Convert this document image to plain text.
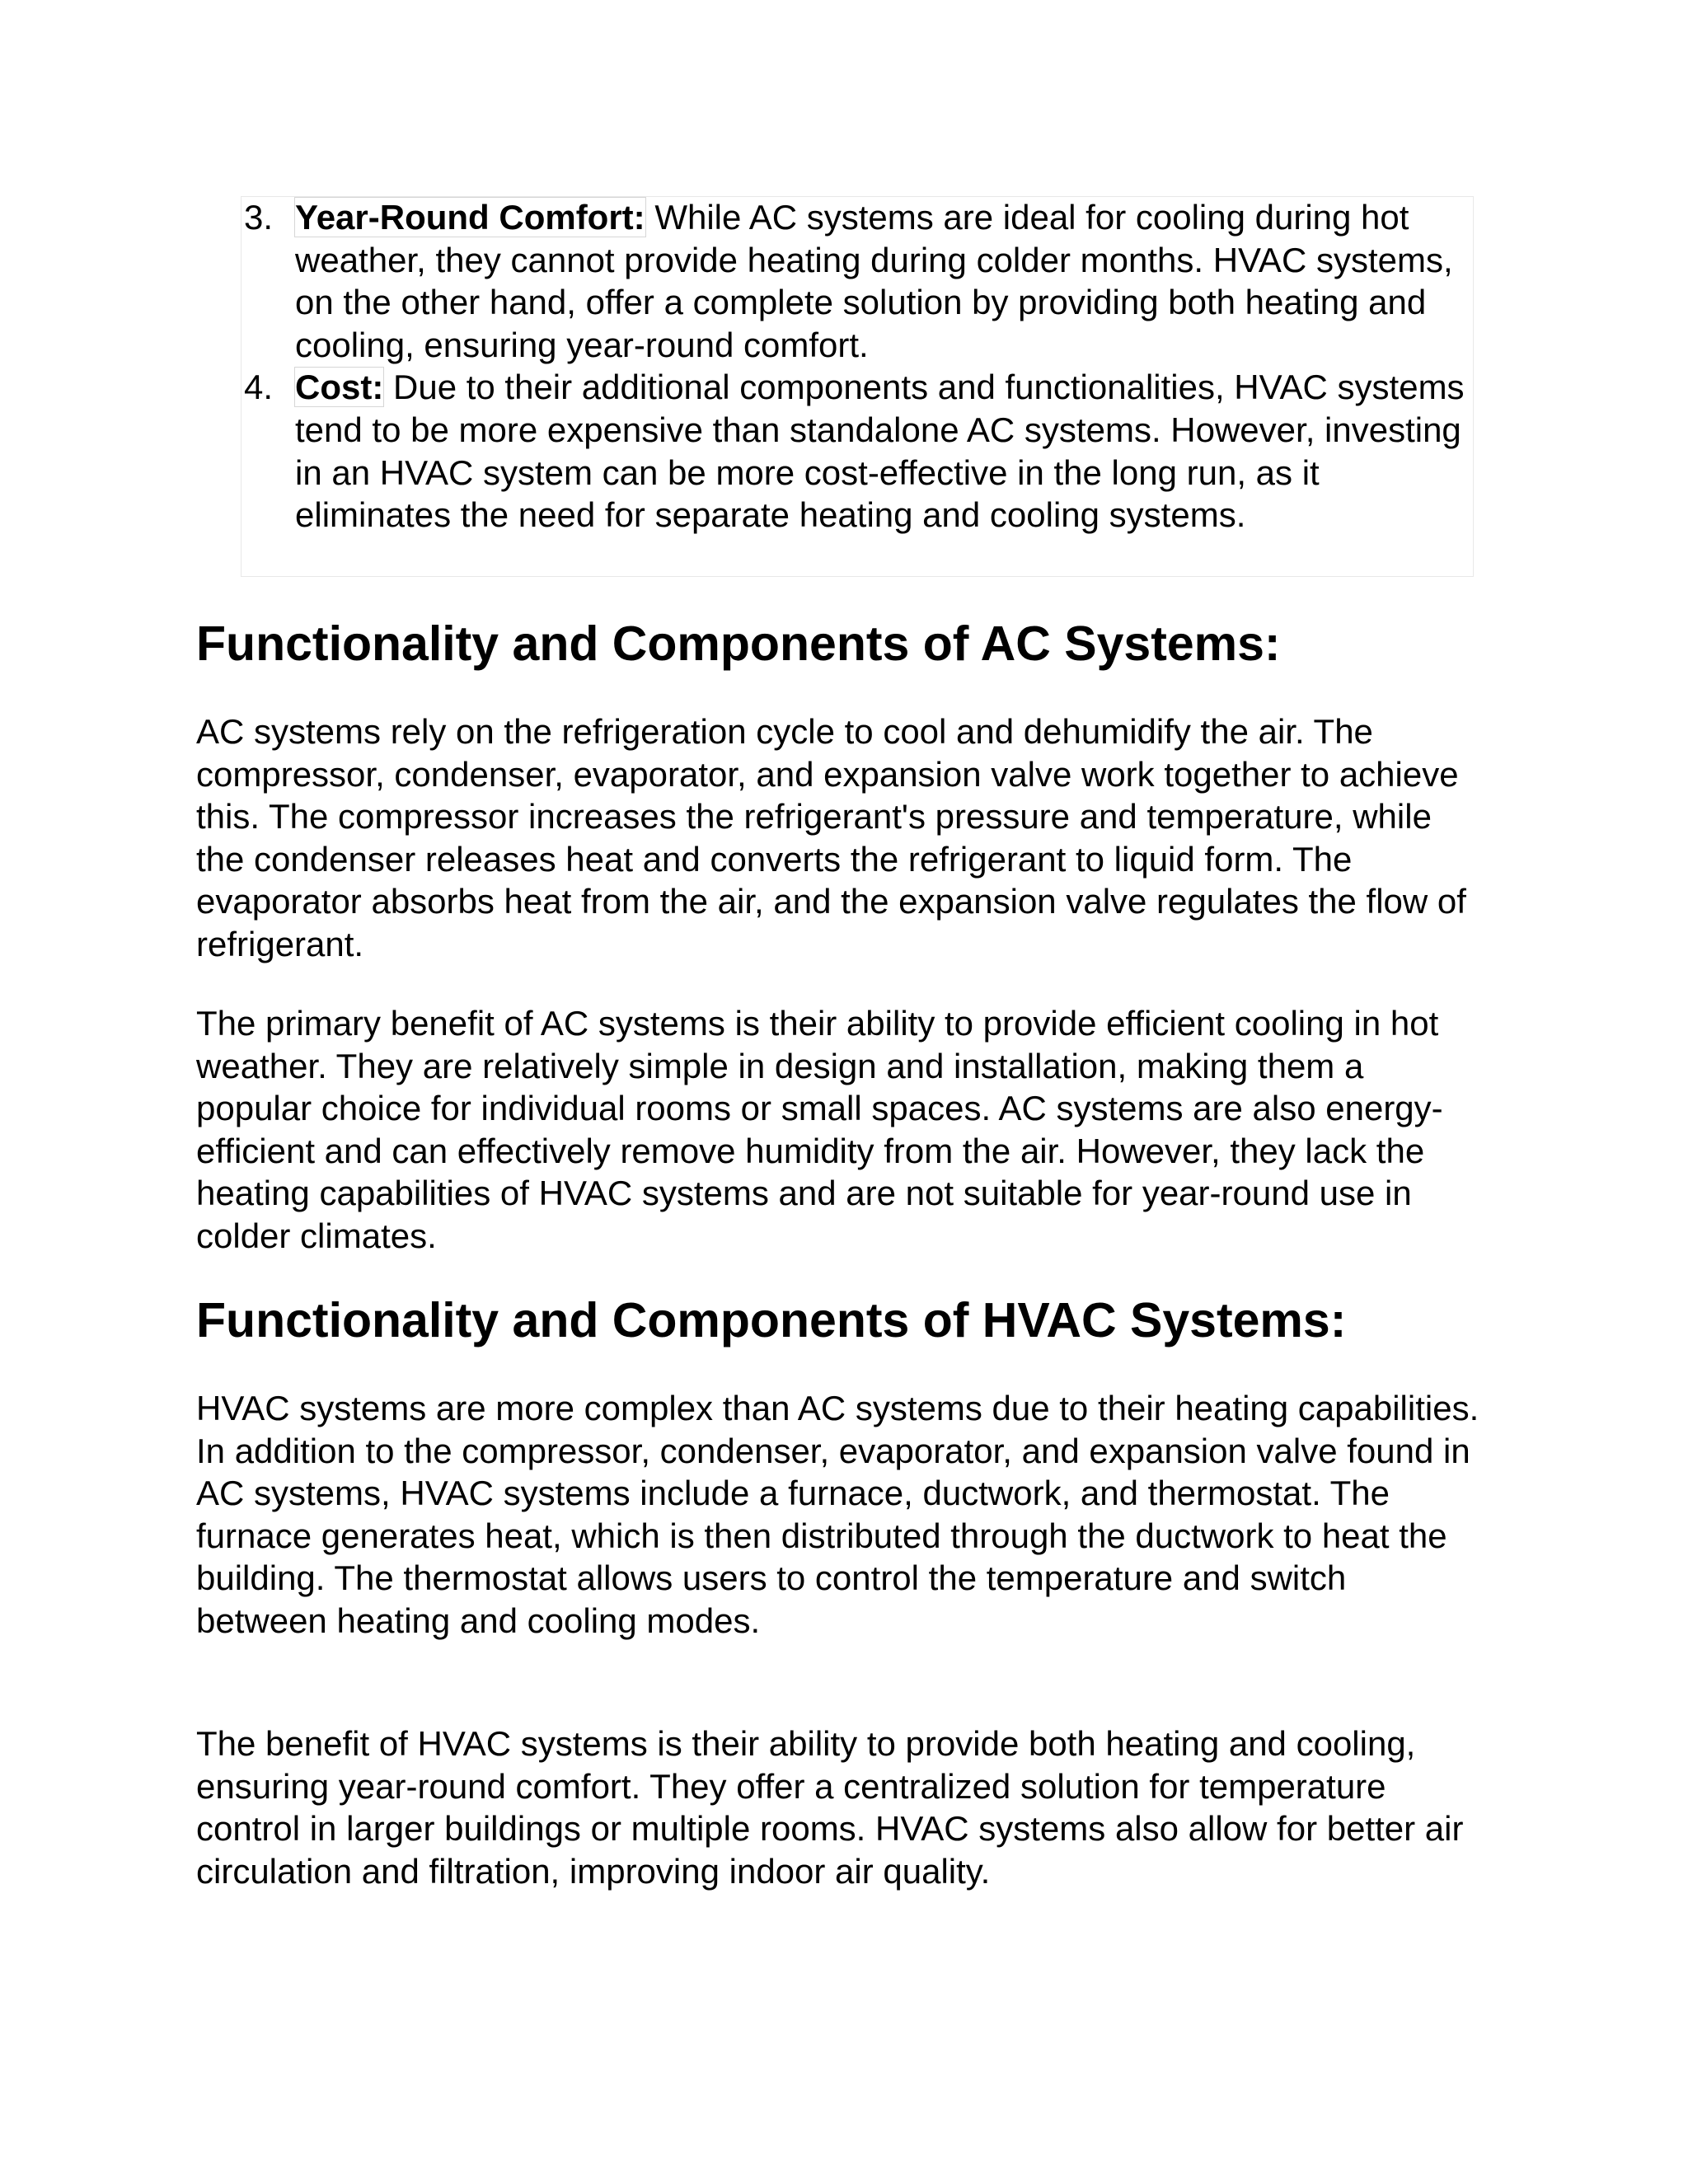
3. Year-Round Comfort: While AC systems are ideal for cooling during hot weather, they cannot provide heating during colder months. HVAC systems, on the other hand, offer a complete solution by providing both heating and cooling, ensuring year-round comfort.
4. Cost: Due to their additional components and functionalities, HVAC systems tend to be more expensive than standalone AC systems. However, investing in an HVAC system can be more cost-effective in the long run, as it eliminates the need for separate heating and cooling systems.
Functionality and Components of AC Systems:

AC systems rely on the refrigeration cycle to cool and dehumidify the air. The compressor, condenser, evaporator, and expansion valve work together to achieve this. The compressor increases the refrigerant's pressure and temperature, while the condenser releases heat and converts the refrigerant to liquid form. The evaporator absorbs heat from the air, and the expansion valve regulates the flow of refrigerant.

The primary benefit of AC systems is their ability to provide efficient cooling in hot weather. They are relatively simple in design and installation, making them a popular choice for individual rooms or small spaces. AC systems are also energy-efficient and can effectively remove humidity from the air. However, they lack the heating capabilities of HVAC systems and are not suitable for year-round use in colder climates.

Functionality and Components of HVAC Systems:

HVAC systems are more complex than AC systems due to their heating capabilities. In addition to the compressor, condenser, evaporator, and expansion valve found in AC systems, HVAC systems include a furnace, ductwork, and thermostat. The furnace generates heat, which is then distributed through the ductwork to heat the building. The thermostat allows users to control the temperature and switch between heating and cooling modes.

The benefit of HVAC systems is their ability to provide both heating and cooling, ensuring year-round comfort. They offer a centralized solution for temperature control in larger buildings or multiple rooms. HVAC systems also allow for better air circulation and filtration, improving indoor air quality.
